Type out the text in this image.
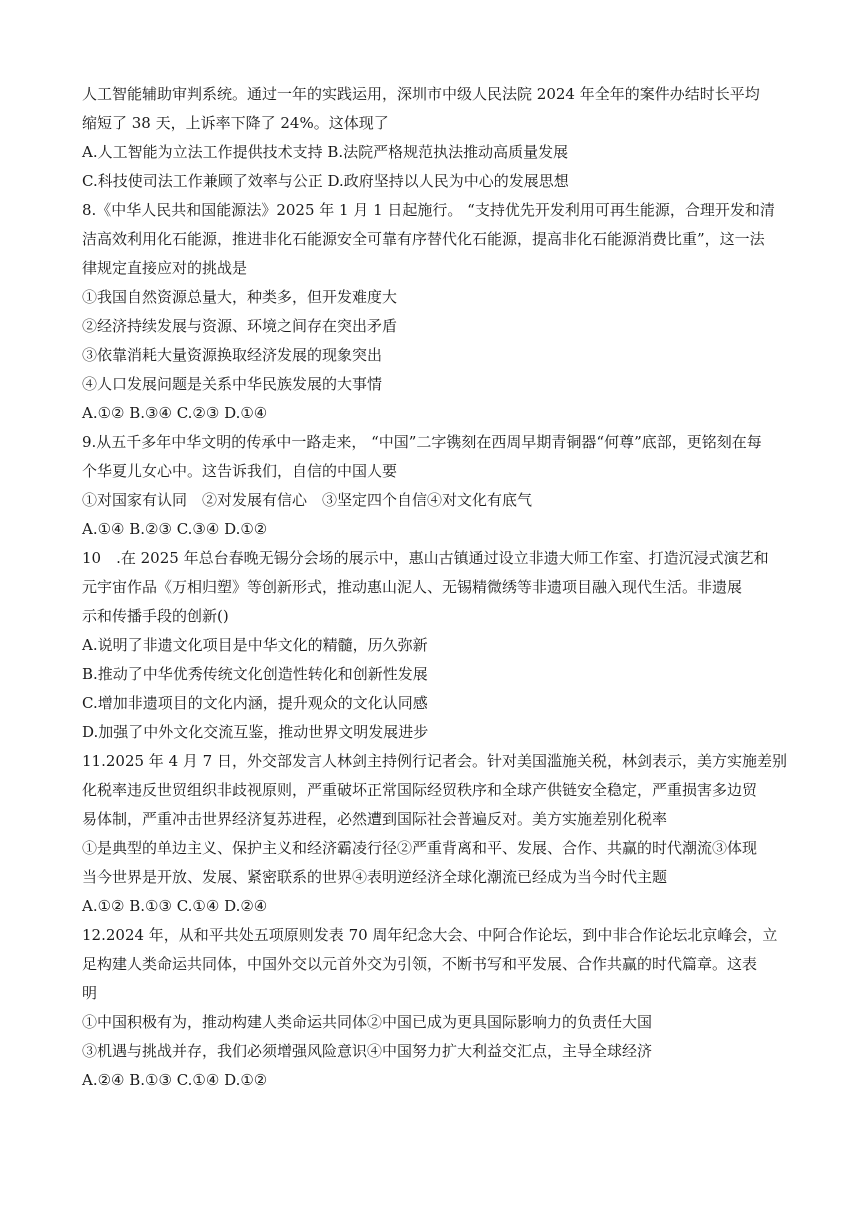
人工智能辅助审判系统。通过一年的实践运用，深圳市中级人民法院 2024 年全年的案件办结时长平均
缩短了 38 天，上诉率下降了 24%。这体现了
A.人工智能为立法工作提供技术支持 B.法院严格规范执法推动高质量发展
C.科技使司法工作兼顾了效率与公正 D.政府坚持以人民为中心的发展思想
8.《中华人民共和国能源法》2025 年 1 月 1 日起施行。 “支持优先开发利用可再生能源，合理开发和清
洁高效利用化石能源，推进非化石能源安全可靠有序替代化石能源，提高非化石能源消费比重”，这一法
律规定直接应对的挑战是
①我国自然资源总量大，种类多，但开发难度大
②经济持续发展与资源、环境之间存在突出矛盾
③依靠消耗大量资源换取经济发展的现象突出
④人口发展问题是关系中华民族发展的大事情
A.①② B.③④ C.②③ D.①④
9.从五千多年中华文明的传承中一路走来， “中国”二字镌刻在西周早期青铜器“何尊”底部，更铭刻在每
个华夏儿女心中。这告诉我们，自信的中国人要
①对国家有认同　②对发展有信心　③坚定四个自信④对文化有底气
A.①④ B.②③ C.③④ D.①②
10　.在 2025 年总台春晚无锡分会场的展示中，惠山古镇通过设立非遗大师工作室、打造沉浸式演艺和
元宇宙作品《万相归塑》等创新形式，推动惠山泥人、无锡精微绣等非遗项目融入现代生活。非遗展
示和传播手段的创新()
A.说明了非遗文化项目是中华文化的精髓，历久弥新
B.推动了中华优秀传统文化创造性转化和创新性发展
C.增加非遗项目的文化内涵，提升观众的文化认同感
D.加强了中外文化交流互鉴，推动世界文明发展进步
11.2025 年 4 月 7 日，外交部发言人林剑主持例行记者会。针对美国滥施关税，林剑表示，美方实施差别
化税率违反世贸组织非歧视原则，严重破坏正常国际经贸秩序和全球产供链安全稳定，严重损害多边贸
易体制，严重冲击世界经济复苏进程，必然遭到国际社会普遍反对。美方实施差别化税率
①是典型的单边主义、保护主义和经济霸凌行径②严重背离和平、发展、合作、共赢的时代潮流③体现
当今世界是开放、发展、紧密联系的世界④表明逆经济全球化潮流已经成为当今时代主题
A.①② B.①③ C.①④ D.②④
12.2024 年，从和平共处五项原则发表 70 周年纪念大会、中阿合作论坛，到中非合作论坛北京峰会，立
足构建人类命运共同体，中国外交以元首外交为引领，不断书写和平发展、合作共赢的时代篇章。这表
明
①中国积极有为，推动构建人类命运共同体②中国已成为更具国际影响力的负责任大国
③机遇与挑战并存，我们必须增强风险意识④中国努力扩大利益交汇点，主导全球经济
A.②④ B.①③ C.①④ D.①②
